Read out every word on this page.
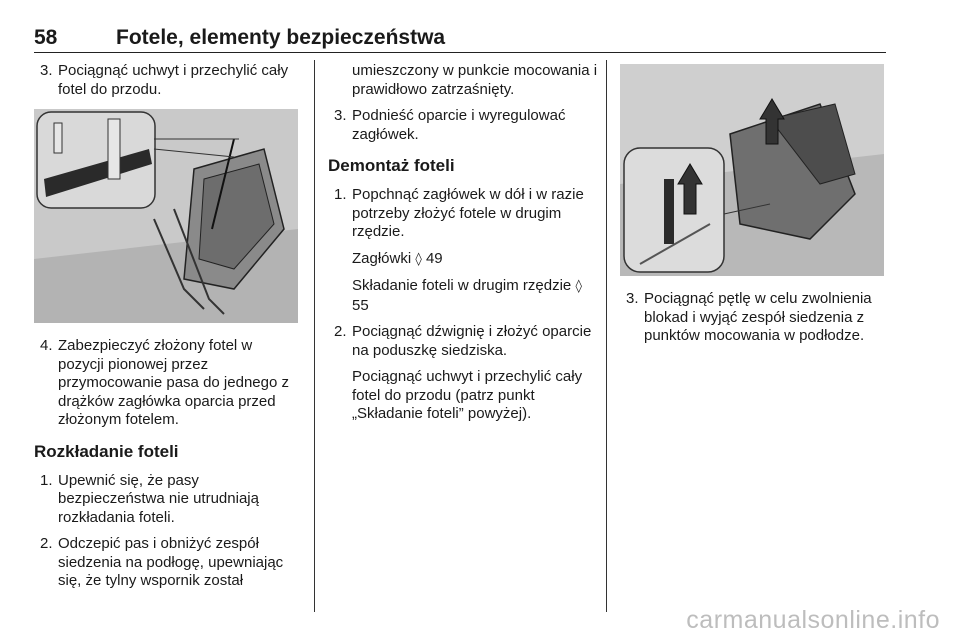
58	Fotele, elementy bezpieczeństwa
3. Pociągnąć uchwyt i przechylić cały fotel do przodu.
4. Zabezpieczyć złożony fotel w pozycji pionowej przez przymocowanie pasa do jednego z drążków zagłówka oparcia przed złożonym fotelem.
Rozkładanie foteli
1. Upewnić się, że pasy bezpieczeństwa nie utrudniają rozkładania foteli.
2. Odczepić pas i obniżyć zespół siedzenia na podłogę, upewniając się, że tylny wspornik został
umieszczony w punkcie mocowania i prawidłowo zatrzaśnięty.
3. Podnieść oparcie i wyregulować zagłówek.
Demontaż foteli
1. Popchnąć zagłówek w dół i w razie potrzeby złożyć fotele w drugim rzędzie.
Zagłówki ◊ 49
Składanie foteli w drugim rzędzie ◊ 55
2. Pociągnąć dźwignię i złożyć oparcie na poduszkę siedziska.
Pociągnąć uchwyt i przechylić cały fotel do przodu (patrz punkt „Składanie foteli” powyżej).
3. Pociągnąć pętlę w celu zwolnienia blokad i wyjąć zespół siedzenia z punktów mocowania w podłodze.
carmanualsonline.info
